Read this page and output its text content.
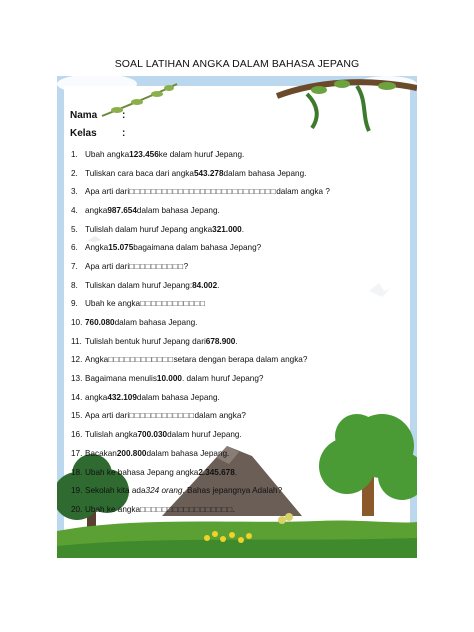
SOAL LATIHAN ANGKA DALAM BAHASA JEPANG
Nama	:
Kelas	:
1. Ubah angka 123.456 ke dalam huruf Jepang.
2. Tuliskan cara baca dari angka 543.278 dalam bahasa Jepang.
3. Apa arti dari □□□□□□□□□□□□□□□□□□□□□□□□□□□ dalam angka ?
4. angka 987.654 dalam bahasa Jepang.
5. Tulislah dalam huruf Jepang angka 321.000 .
6. Angka 15.075 bagaimana dalam bahasa Jepang?
7. Apa arti dari □□□□□□□□□□ ?
8. Tuliskan dalam huruf Jepang: 84.002 .
9. Ubah ke angka □□□□□□□□□□□□
10. 760.080 dalam bahasa Jepang.
11. Tulislah bentuk huruf Jepang dari 678.900 .
12. Angka □□□□□□□□□□□□ setara dengan berapa dalam angka?
13. Bagaimana menulis 10.000 . dalam huruf Jepang?
14. angka 432.109 dalam bahasa Jepang.
15. Apa arti dari □□□□□□□□□□□□ dalam angka?
16. Tulislah angka 700.030 dalam huruf Jepang.
17. Bacakan 200.800 dalam bahasa Jepang.
18. Ubah ke bahasa Jepang angka 2.345.678 .
19. Sekolah kita ada 324 orang . Bahas jepangnya Adalah?
20. Ubah ke angka □□□□□□□□□□□□□□□□□ .
